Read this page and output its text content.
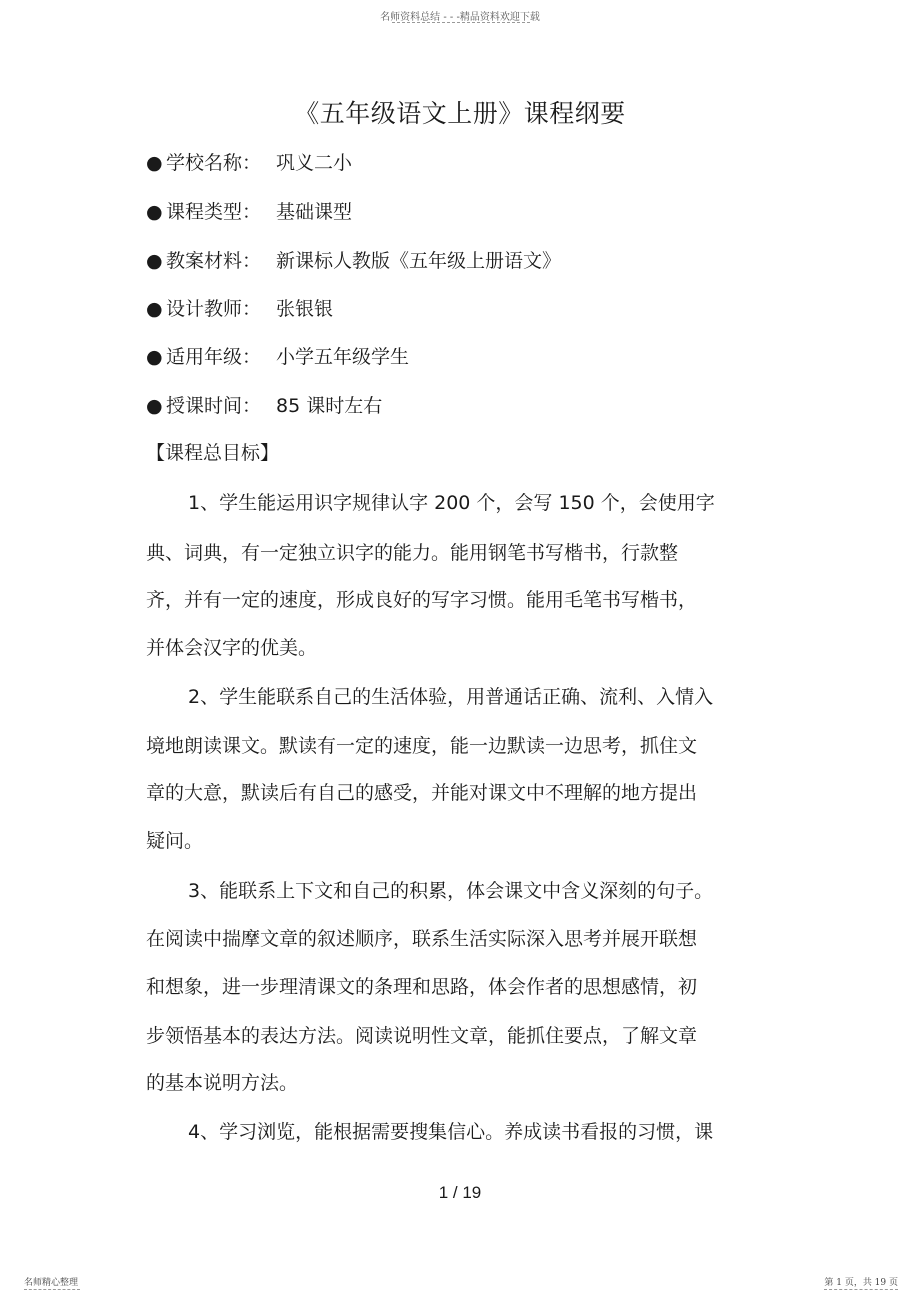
名师资料总结 - - -精品资料欢迎下载
《五年级语文上册》课程纲要
● 学校名称： 巩义二小
● 课程类型： 基础课型
● 教案材料： 新课标人教版《五年级上册语文》
● 设计教师： 张银银
● 适用年级： 小学五年级学生
● 授课时间： 85 课时左右
【课程总目标】
1、学生能运用识字规律认字 200 个，会写 150 个，会使用字
典、词典，有一定独立识字的能力。能用钢笔书写楷书，行款整
齐，并有一定的速度，形成良好的写字习惯。能用毛笔书写楷书，
并体会汉字的优美。
2、学生能联系自己的生活体验，用普通话正确、流利、入情入
境地朗读课文。默读有一定的速度，能一边默读一边思考，抓住文
章的大意，默读后有自己的感受，并能对课文中不理解的地方提出
疑问。
3、能联系上下文和自己的积累，体会课文中含义深刻的句子。
在阅读中揣摩文章的叙述顺序，联系生活实际深入思考并展开联想
和想象，进一步理清课文的条理和思路，体会作者的思想感情，初
步领悟基本的表达方法。阅读说明性文章，能抓住要点，了解文章
的基本说明方法。
4、学习浏览，能根据需要搜集信心。养成读书看报的习惯，课
1 / 19
名师精心整理	第 1 页，共 19 页
